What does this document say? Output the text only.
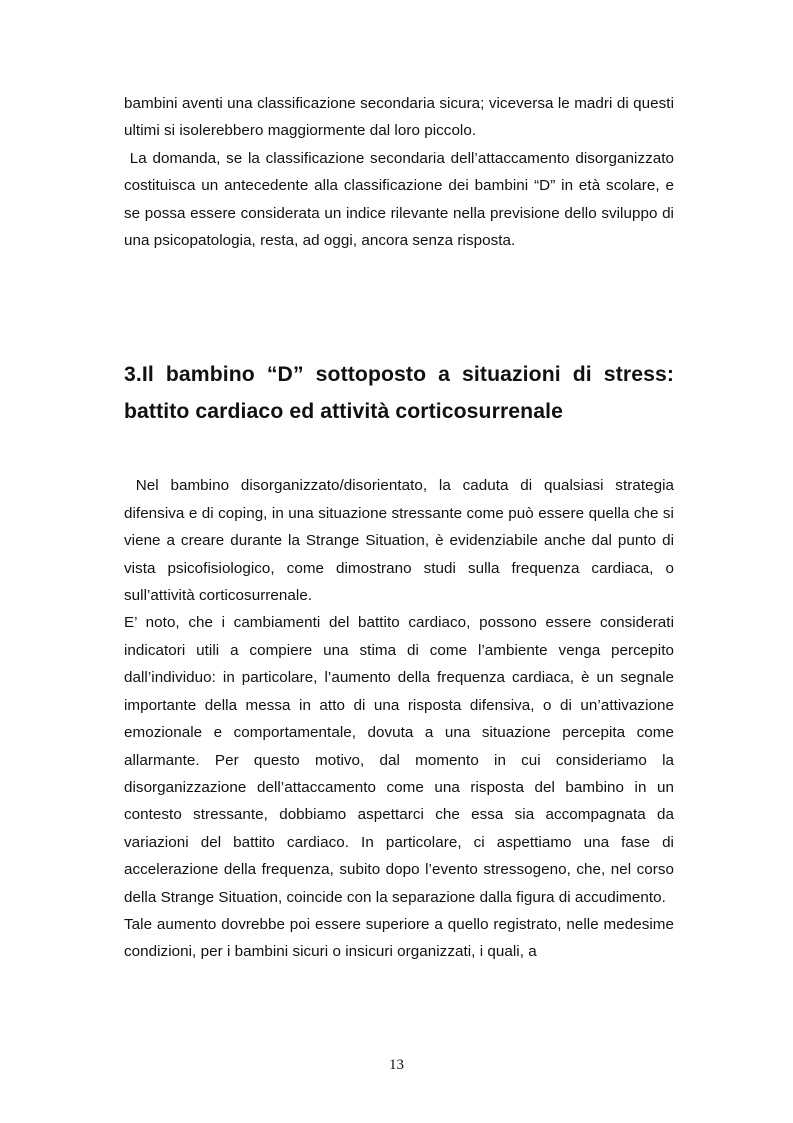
bambini aventi una classificazione secondaria sicura; viceversa le madri di questi ultimi si isolerebbero maggiormente dal loro piccolo.

La domanda, se la classificazione secondaria dell’attaccamento disorganizzato costituisca un antecedente alla classificazione dei bambini “D” in età scolare, e se possa essere considerata un indice rilevante nella previsione dello sviluppo di una psicopatologia, resta, ad oggi, ancora senza risposta.

3.Il bambino “D” sottoposto a situazioni di stress: battito cardiaco ed attività corticosurrenale

Nel bambino disorganizzato/disorientato, la caduta di qualsiasi strategia difensiva e di coping, in una situazione stressante come può essere quella che si viene a creare durante la Strange Situation, è evidenziabile anche dal punto di vista psicofisiologico, come dimostrano studi sulla frequenza cardiaca, o sull’attività corticosurrenale.

E’ noto, che i cambiamenti del battito cardiaco, possono essere considerati indicatori utili a compiere una stima di come l’ambiente venga percepito dall’individuo: in particolare, l’aumento della frequenza cardiaca, è un segnale importante della messa in atto di una risposta difensiva, o di un’attivazione emozionale e comportamentale, dovuta a una situazione percepita come allarmante. Per questo motivo, dal momento in cui consideriamo la disorganizzazione dell’attaccamento come una risposta del bambino in un contesto stressante, dobbiamo aspettarci che essa sia accompagnata da variazioni del battito cardiaco. In particolare, ci aspettiamo una fase di accelerazione della frequenza, subito dopo l’evento stressogeno, che, nel corso della Strange Situation, coincide con la separazione dalla figura di accudimento.

Tale aumento dovrebbe poi essere superiore a quello registrato, nelle medesime condizioni, per i bambini sicuri o insicuri organizzati, i quali, a

13
